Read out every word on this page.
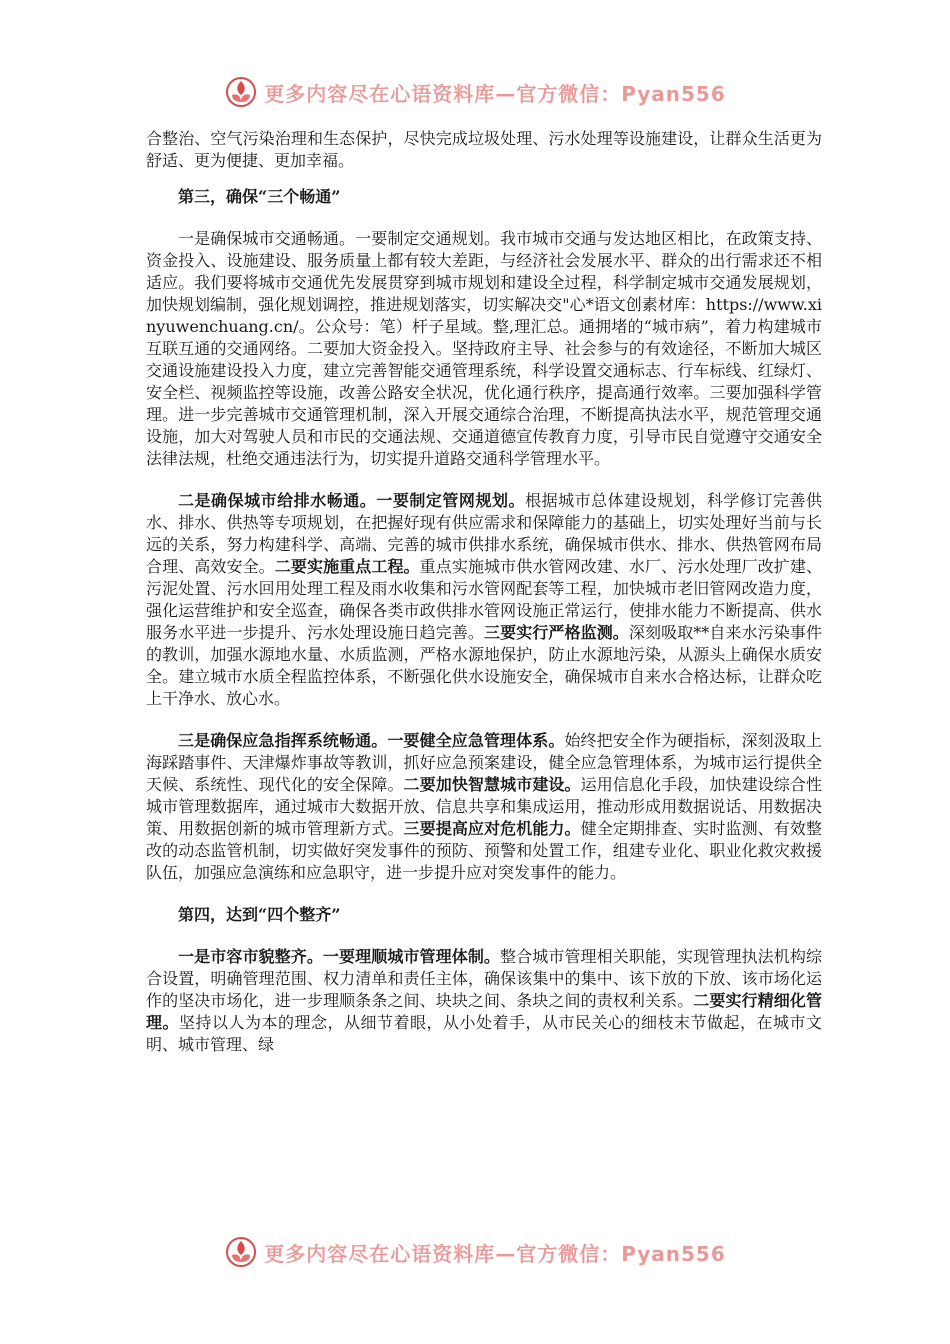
更多内容尽在心语资料库—官方微信：Pyan556

合整治、空气污染治理和生态保护，尽快完成垃圾处理、污水处理等设施建设，让群众生活更为舒适、更为便捷、更加幸福。

第三，确保“三个畅通”

一是确保城市交通畅通。一要制定交通规划。我市城市交通与发达地区相比，在政策支持、资金投入、设施建设、服务质量上都有较大差距，与经济社会发展水平、群众的出行需求还不相适应。我们要将城市交通优先发展贯穿到城市规划和建设全过程，科学制定城市交通发展规划，加快规划编制，强化规划调控，推进规划落实，切实解决交"心*语文创素材库：https://www.xinyuwenchuang.cn/。公众号：笔）杆子星域。整,理汇总。通拥堵的“城市病”，着力构建城市互联互通的交通网络。二要加大资金投入。坚持政府主导、社会参与的有效途径，不断加大城区交通设施建设投入力度，建立完善智能交通管理系统，科学设置交通标志、行车标线、红绿灯、安全栏、视频监控等设施，改善公路安全状况，优化通行秩序，提高通行效率。三要加强科学管理。进一步完善城市交通管理机制，深入开展交通综合治理，不断提高执法水平，规范管理交通设施，加大对驾驶人员和市民的交通法规、交通道德宣传教育力度，引导市民自觉遵守交通安全法律法规，杜绝交通违法行为，切实提升道路交通科学管理水平。

二是确保城市给排水畅通。一要制定管网规划。根据城市总体建设规划，科学修订完善供水、排水、供热等专项规划，在把握好现有供应需求和保障能力的基础上，切实处理好当前与长远的关系，努力构建科学、高端、完善的城市供排水系统，确保城市供水、排水、供热管网布局合理、高效安全。二要实施重点工程。重点实施城市供水管网改建、水厂、污水处理厂改扩建、污泥处置、污水回用处理工程及雨水收集和污水管网配套等工程，加快城市老旧管网改造力度，强化运营维护和安全巡查，确保各类市政供排水管网设施正常运行，使排水能力不断提高、供水服务水平进一步提升、污水处理设施日趋完善。三要实行严格监测。深刻吸取**自来水污染事件的教训，加强水源地水量、水质监测，严格水源地保护，防止水源地污染，从源头上确保水质安全。建立城市水质全程监控体系，不断强化供水设施安全，确保城市自来水合格达标，让群众吃上干净水、放心水。

三是确保应急指挥系统畅通。一要健全应急管理体系。始终把安全作为硬指标，深刻汲取上海踩踏事件、天津爆炸事故等教训，抓好应急预案建设，健全应急管理体系，为城市运行提供全天候、系统性、现代化的安全保障。二要加快智慧城市建设。运用信息化手段，加快建设综合性城市管理数据库，通过城市大数据开放、信息共享和集成运用，推动形成用数据说话、用数据决策、用数据创新的城市管理新方式。三要提高应对危机能力。健全定期排查、实时监测、有效整改的动态监管机制，切实做好突发事件的预防、预警和处置工作，组建专业化、职业化救灾救援队伍，加强应急演练和应急职守，进一步提升应对突发事件的能力。

第四，达到“四个整齐”

一是市容市貌整齐。一要理顺城市管理体制。整合城市管理相关职能，实现管理执法机构综合设置，明确管理范围、权力清单和责任主体，确保该集中的集中、该下放的下放、该市场化运作的坚决市场化，进一步理顺条条之间、块块之间、条块之间的责权利关系。二要实行精细化管理。坚持以人为本的理念，从细节着眼，从小处着手，从市民关心的细枝末节做起，在城市文明、城市管理、绿

更多内容尽在心语资料库—官方微信：Pyan556
